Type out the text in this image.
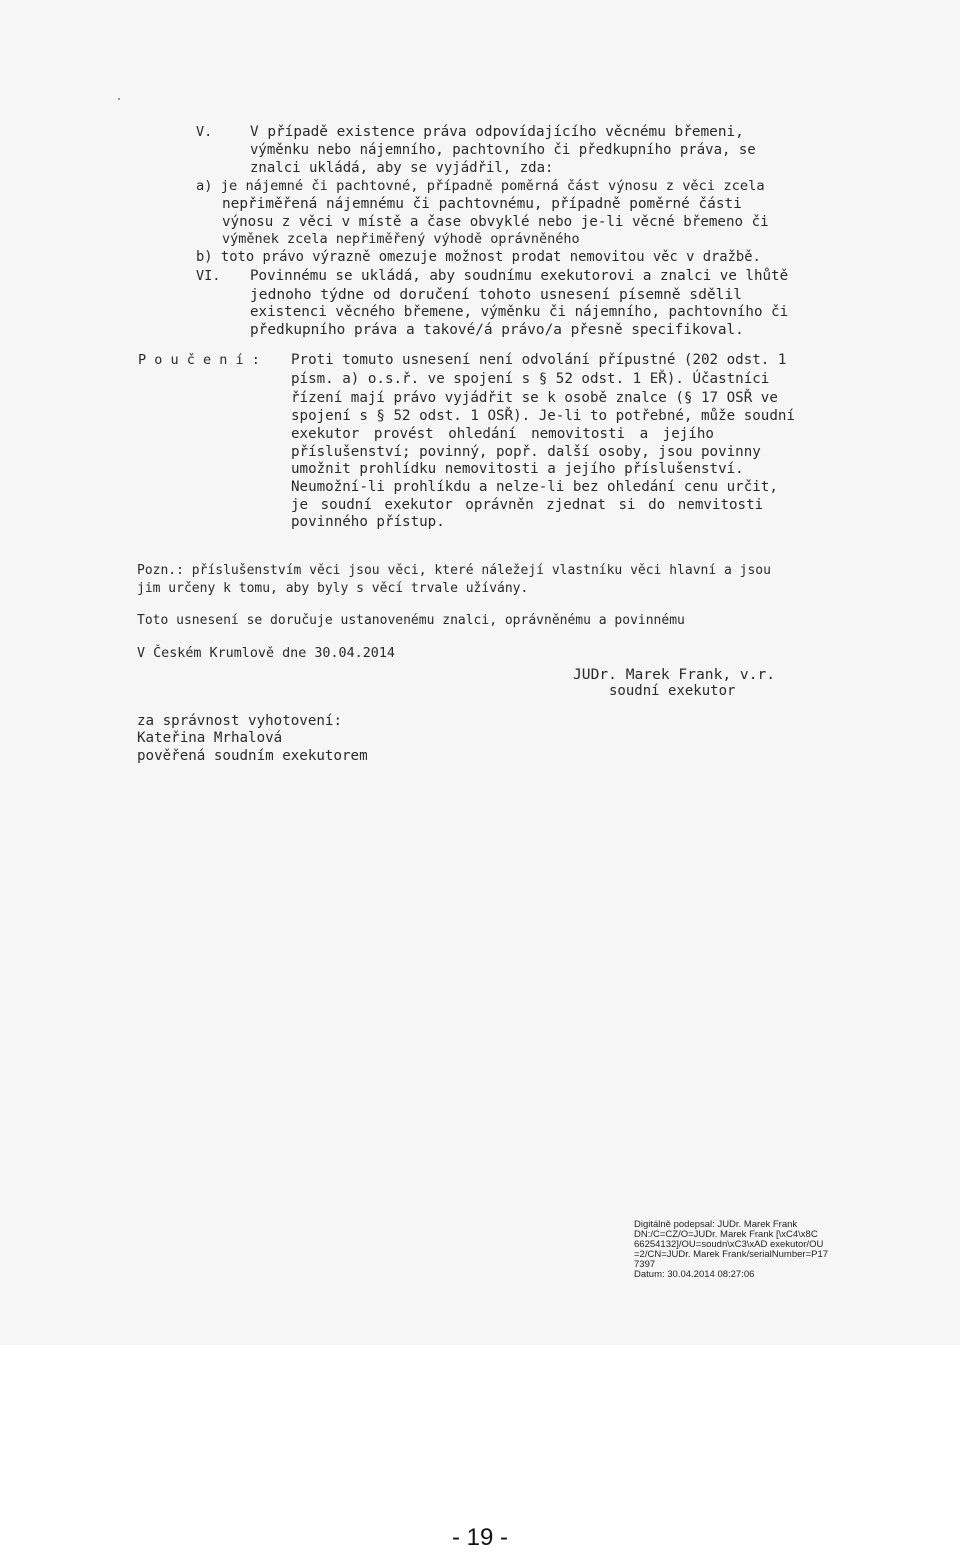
V.	V případě existence práva odpovídajícího věcnému břemeni,
výměnku nebo nájemního, pachtovního či předkupního práva, se
znalci ukládá, aby se vyjádřil, zda:
a) je nájemné či pachtovné, případně poměrná část výnosu z věci zcela
nepřiměřená nájemnému či pachtovnému, případně poměrné části
výnosu z věci v místě a čase obvyklé nebo je-li věcné břemeno či
výměnek zcela nepřiměřený výhodě oprávněného
b) toto právo výrazně omezuje možnost prodat nemovitou věc v dražbě.
VI. Povinnému se ukládá, aby soudnímu exekutorovi a znalci ve lhůtě
jednoho týdne od doručení tohoto usnesení písemně sdělil
existenci věcného břemene, výměnku či nájemního, pachtovního či
předkupního práva a takové/á právo/a přesně specifikoval.
P o u č e n í : Proti tomuto usnesení není odvolání přípustné (202 odst. 1
písm. a) o.s.ř. ve spojení s § 52 odst. 1 EŘ). Účastníci
řízení mají právo vyjádřit se k osobě znalce (§ 17 OSŘ ve
spojení s § 52 odst. 1 OSŘ). Je-li to potřebné, může soudní
exekutor provést ohledání nemovitosti a jejího
příslušenství; povinný, popř. další osoby, jsou povinny
umožnit prohlídku nemovitosti a jejího příslušenství.
Neumožní-li prohlíkdu a nelze-li bez ohledání cenu určit,
je soudní exekutor oprávněn zjednat si do nemvitosti
povinného přístup.
Pozn.: příslušenstvím věci jsou věci, které náležejí vlastníku věci hlavní a jsou
jim určeny k tomu, aby byly s věcí trvale užívány.
Toto usnesení se doručuje ustanovenému znalci, oprávněnému a povinnému
V Českém Krumlově dne 30.04.2014
JUDr. Marek Frank, v.r.
soudní exekutor
za správnost vyhotovení:
Kateřina Mrhalová
pověřená soudním exekutorem
Digitálně podepsal: JUDr. Marek Frank
DN:/C=CZ/O=JUDr. Marek Frank [\xC4\x8C
66254132]/OU=soudn\xC3\xAD exekutor/OU
=2/CN=JUDr. Marek Frank/serialNumber=P17
7397
Datum: 30.04.2014 08:27:06
- 19 -
